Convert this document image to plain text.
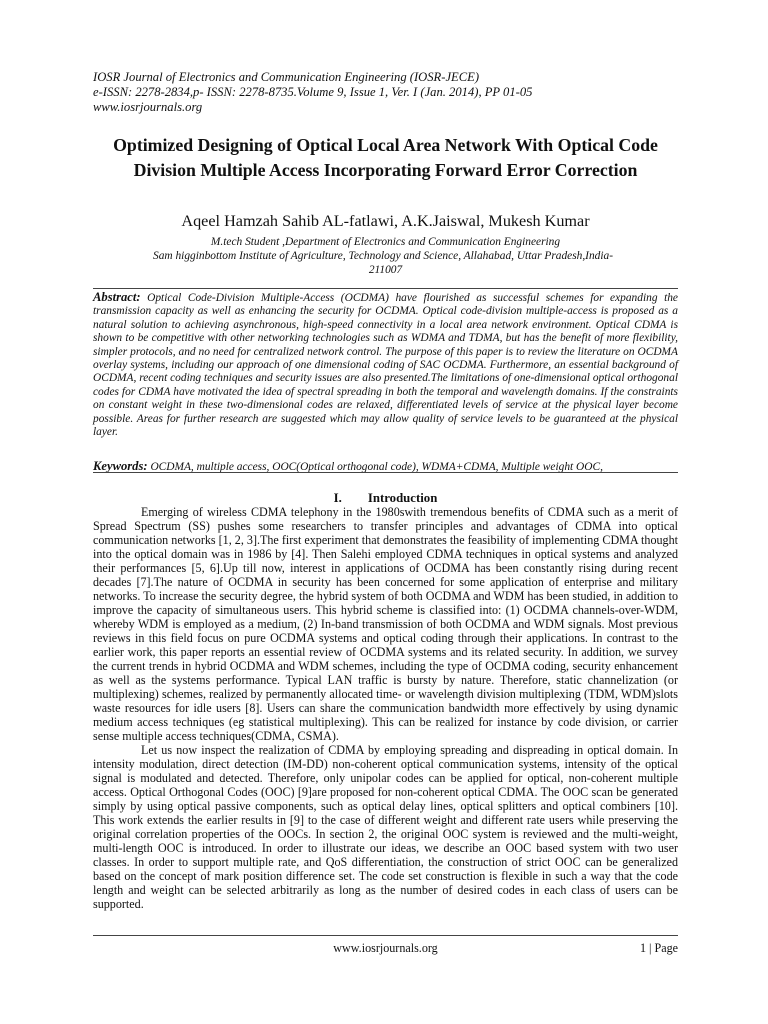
IOSR Journal of Electronics and Communication Engineering (IOSR-JECE)
e-ISSN: 2278-2834,p- ISSN: 2278-8735.Volume 9, Issue 1, Ver. I (Jan. 2014), PP 01-05
www.iosrjournals.org
Optimized Designing of Optical Local Area Network With Optical Code Division Multiple Access Incorporating Forward Error Correction
Aqeel Hamzah Sahib AL-fatlawi, A.K.Jaiswal, Mukesh Kumar
M.tech Student ,Department of Electronics and Communication Engineering
Sam higginbottom Institute of Agriculture, Technology and Science, Allahabad, Uttar Pradesh,India-
211007
Abstract: Optical Code-Division Multiple-Access (OCDMA) have flourished as successful schemes for expanding the transmission capacity as well as enhancing the security for OCDMA. Optical code-division multiple-access is proposed as a natural solution to achieving asynchronous, high-speed connectivity in a local area network environment. Optical CDMA is shown to be competitive with other networking technologies such as WDMA and TDMA, but has the benefit of more flexibility, simpler protocols, and no need for centralized network control. The purpose of this paper is to review the literature on OCDMA overlay systems, including our approach of one dimensional coding of SAC OCDMA. Furthermore, an essential background of OCDMA, recent coding techniques and security issues are also presented.The limitations of one-dimensional optical orthogonal codes for CDMA have motivated the idea of spectral spreading in both the temporal and wavelength domains. If the constraints on constant weight in these two-dimensional codes are relaxed, differentiated levels of service at the physical layer become possible. Areas for further research are suggested which may allow quality of service levels to be guaranteed at the physical layer.
Keywords: OCDMA, multiple access, OOC(Optical orthogonal code), WDMA+CDMA, Multiple weight OOC,
I. Introduction

Emerging of wireless CDMA telephony in the 1980swith tremendous benefits of CDMA such as a merit of Spread Spectrum (SS) pushes some researchers to transfer principles and advantages of CDMA into optical communication networks [1, 2, 3].The first experiment that demonstrates the feasibility of implementing CDMA thought into the optical domain was in 1986 by [4]. Then Salehi employed CDMA techniques in optical systems and analyzed their performances [5, 6].Up till now, interest in applications of OCDMA has been constantly rising during recent decades [7].The nature of OCDMA in security has been concerned for some application of enterprise and military networks. To increase the security degree, the hybrid system of both OCDMA and WDM has been studied, in addition to improve the capacity of simultaneous users. This hybrid scheme is classified into: (1) OCDMA channels-over-WDM, whereby WDM is employed as a medium, (2) In-band transmission of both OCDMA and WDM signals. Most previous reviews in this field focus on pure OCDMA systems and optical coding through their applications. In contrast to the earlier work, this paper reports an essential review of OCDMA systems and its related security. In addition, we survey the current trends in hybrid OCDMA and WDM schemes, including the type of OCDMA coding, security enhancement as well as the systems performance. Typical LAN traffic is bursty by nature. Therefore, static channelization (or multiplexing) schemes, realized by permanently allocated time- or wavelength division multiplexing (TDM, WDM)slots waste resources for idle users [8]. Users can share the communication bandwidth more effectively by using dynamic medium access techniques (eg statistical multiplexing). This can be realized for instance by code division, or carrier sense multiple access techniques(CDMA, CSMA).

Let us now inspect the realization of CDMA by employing spreading and dispreading in optical domain. In intensity modulation, direct detection (IM-DD) non-coherent optical communication systems, intensity of the optical signal is modulated and detected. Therefore, only unipolar codes can be applied for optical, non-coherent multiple access. Optical Orthogonal Codes (OOC) [9]are proposed for non-coherent optical CDMA. The OOC scan be generated simply by using optical passive components, such as optical delay lines, optical splitters and optical combiners [10]. This work extends the earlier results in [9] to the case of different weight and different rate users while preserving the original correlation properties of the OOCs. In section 2, the original OOC system is reviewed and the multi-weight, multi-length OOC is introduced. In order to illustrate our ideas, we describe an OOC based system with two user classes. In order to support multiple rate, and QoS differentiation, the construction of strict OOC can be generalized based on the concept of mark position difference set. The code set construction is flexible in such a way that the code length and weight can be selected arbitrarily as long as the number of desired codes in each class of users can be supported.

www.iosrjournals.org	1 | Page
